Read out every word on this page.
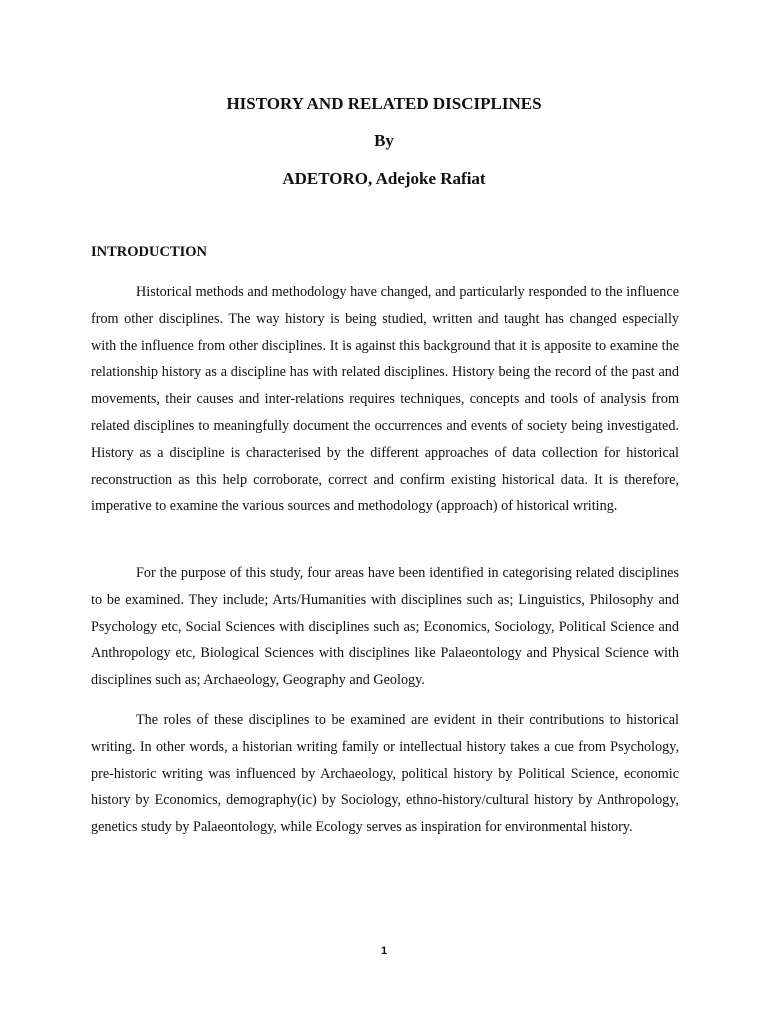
HISTORY AND RELATED DISCIPLINES
By
ADETORO, Adejoke Rafiat
INTRODUCTION

Historical methods and methodology have changed, and particularly responded to the influence from other disciplines. The way history is being studied, written and taught has changed especially with the influence from other disciplines. It is against this background that it is apposite to examine the relationship history as a discipline has with related disciplines. History being the record of the past and movements, their causes and inter-relations requires techniques, concepts and tools of analysis from related disciplines to meaningfully document the occurrences and events of society being investigated. History as a discipline is characterised by the different approaches of data collection for historical reconstruction as this help corroborate, correct and confirm existing historical data. It is therefore, imperative to examine the various sources and methodology (approach) of historical writing.

For the purpose of this study, four areas have been identified in categorising related disciplines to be examined. They include; Arts/Humanities with disciplines such as; Linguistics, Philosophy and Psychology etc, Social Sciences with disciplines such as; Economics, Sociology, Political Science and Anthropology etc, Biological Sciences with disciplines like Palaeontology and Physical Science with disciplines such as; Archaeology, Geography and Geology.

The roles of these disciplines to be examined are evident in their contributions to historical writing. In other words, a historian writing family or intellectual history takes a cue from Psychology, pre-historic writing was influenced by Archaeology, political history by Political Science, economic history by Economics, demography(ic) by Sociology, ethno-history/cultural history by Anthropology, genetics study by Palaeontology, while Ecology serves as inspiration for environmental history.

1
